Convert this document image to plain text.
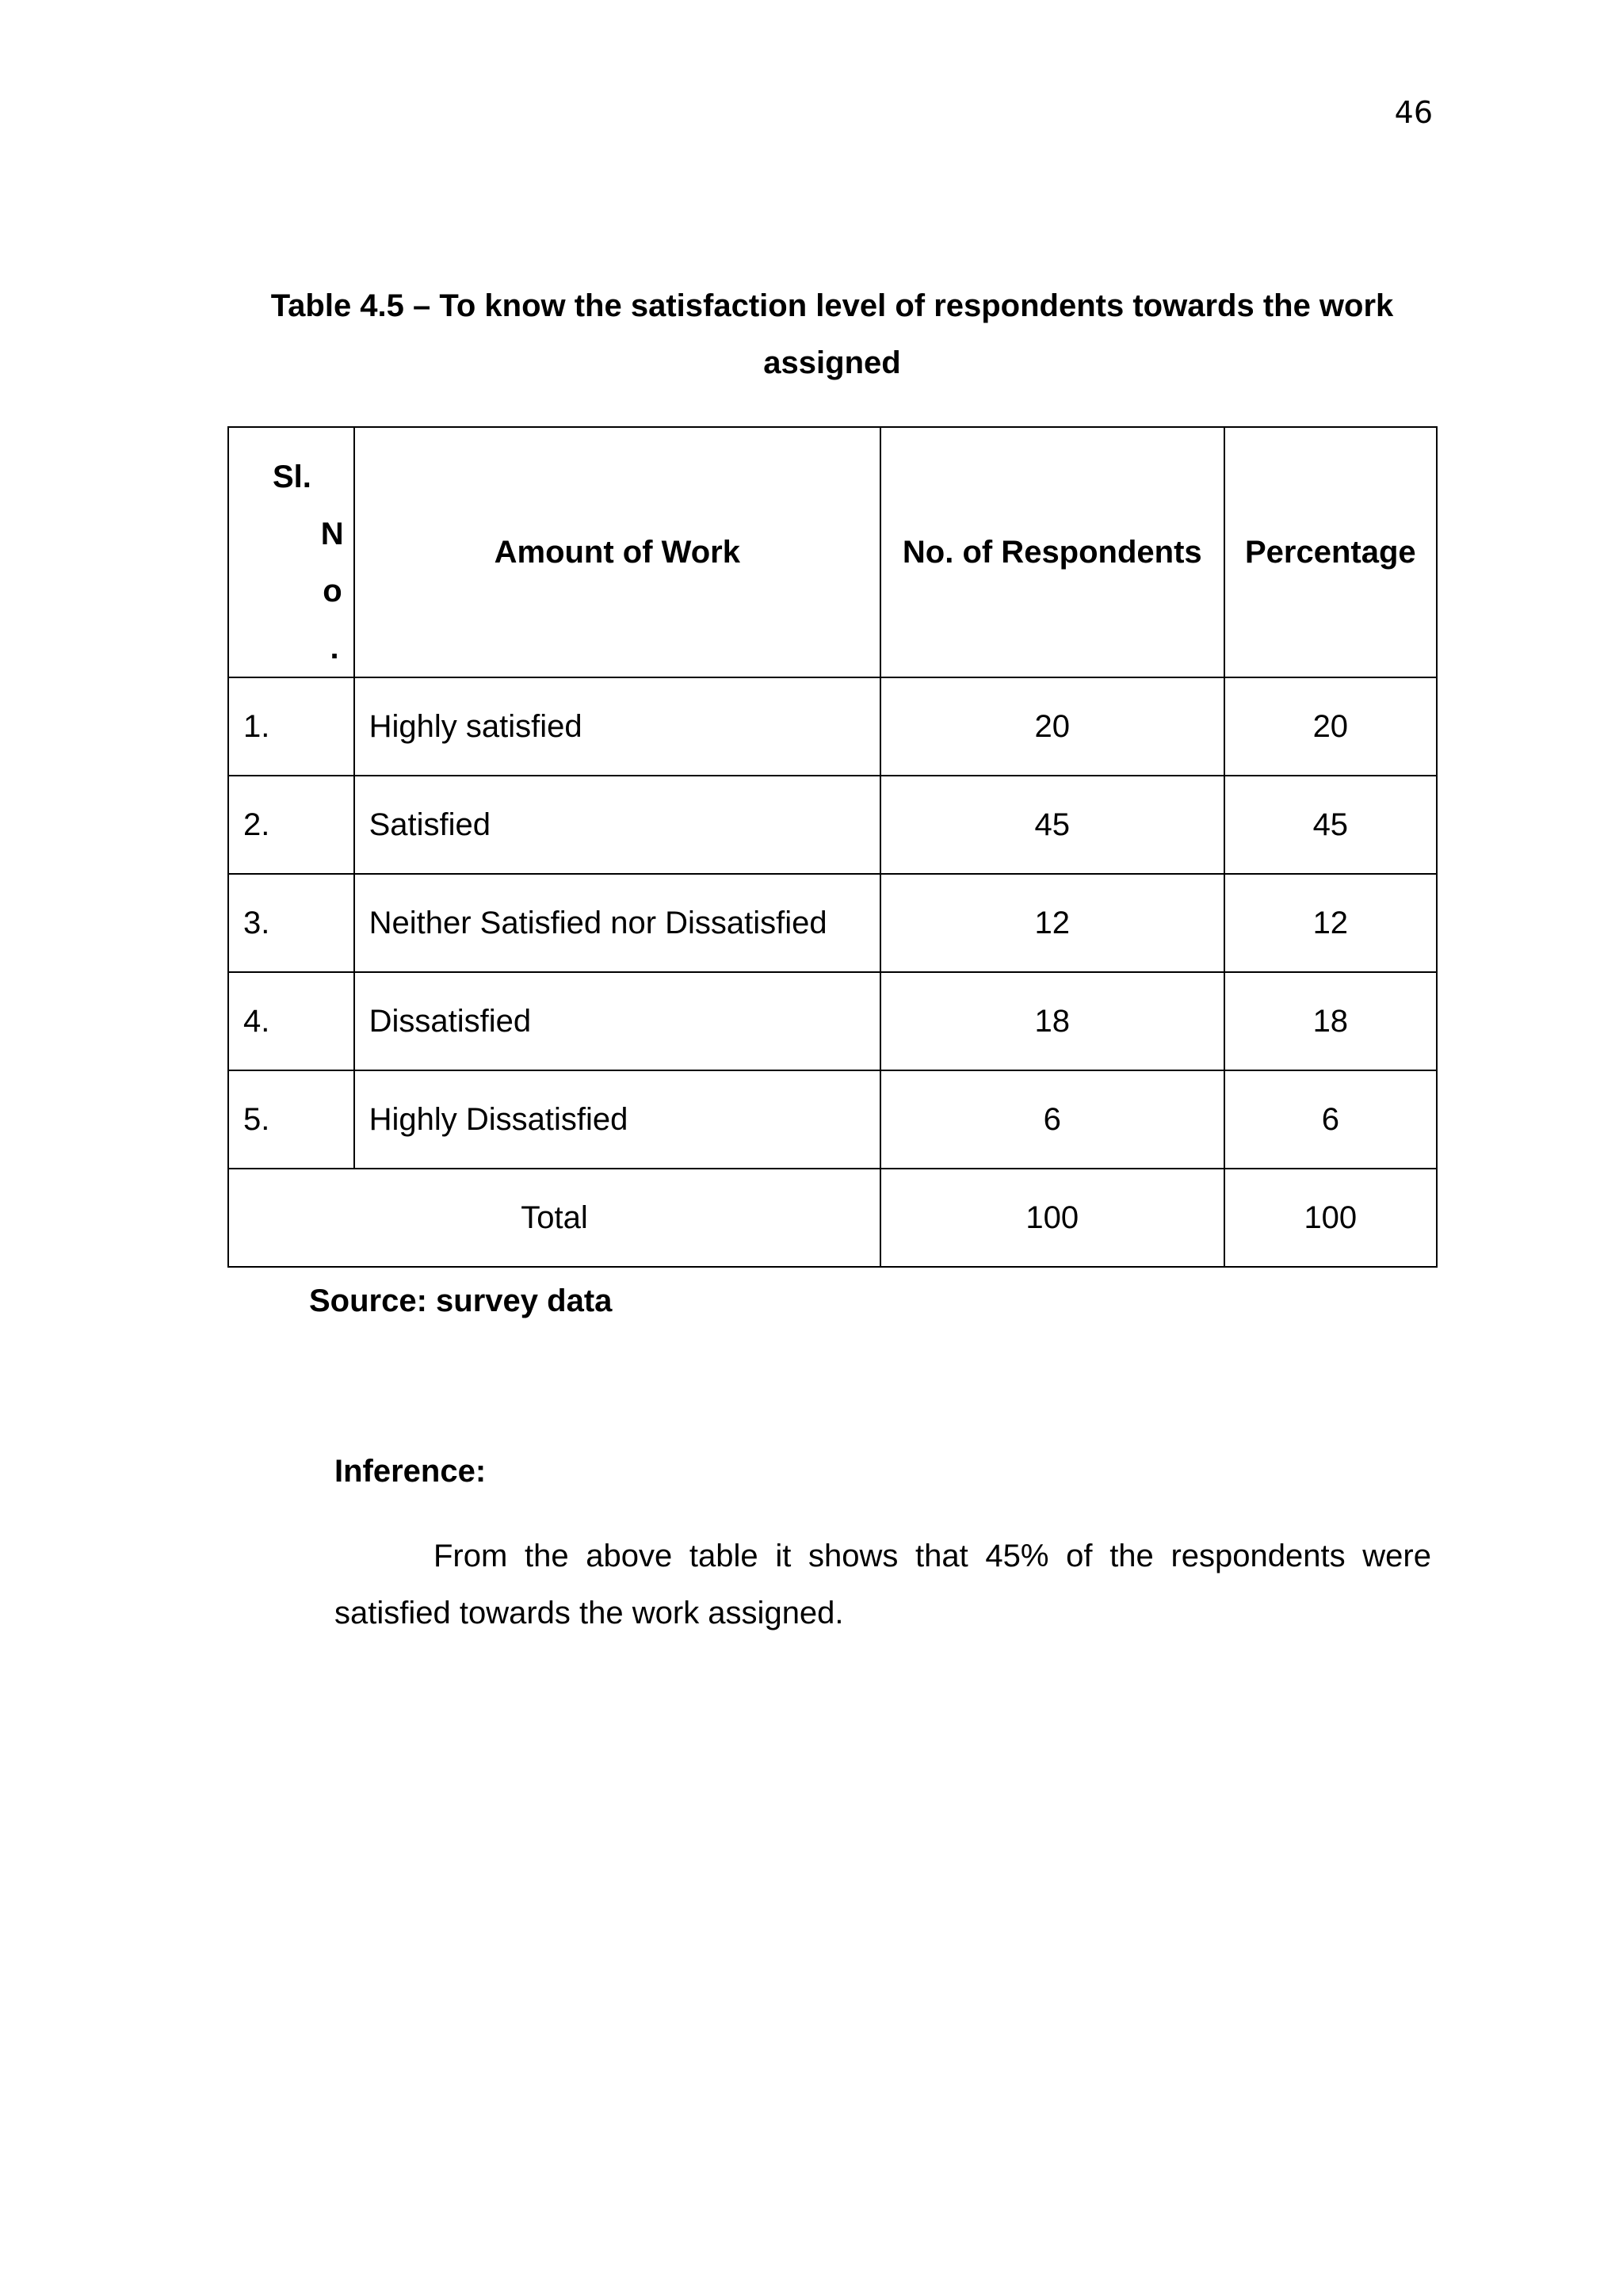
46
Table 4.5 – To know the satisfaction level of respondents towards the work assigned
Sl.
N
o
.	Amount of Work	No. of Respondents	Percentage
1.	Highly satisfied	20	20
2.	Satisfied	45	45
3.	Neither Satisfied nor Dissatisfied	12	12
4.	Dissatisfied	18	18
5.	Highly Dissatisfied	6	6
Total		100	100
Source: survey data
Inference:
From the above table it shows that 45% of the respondents were satisfied towards the work assigned.
